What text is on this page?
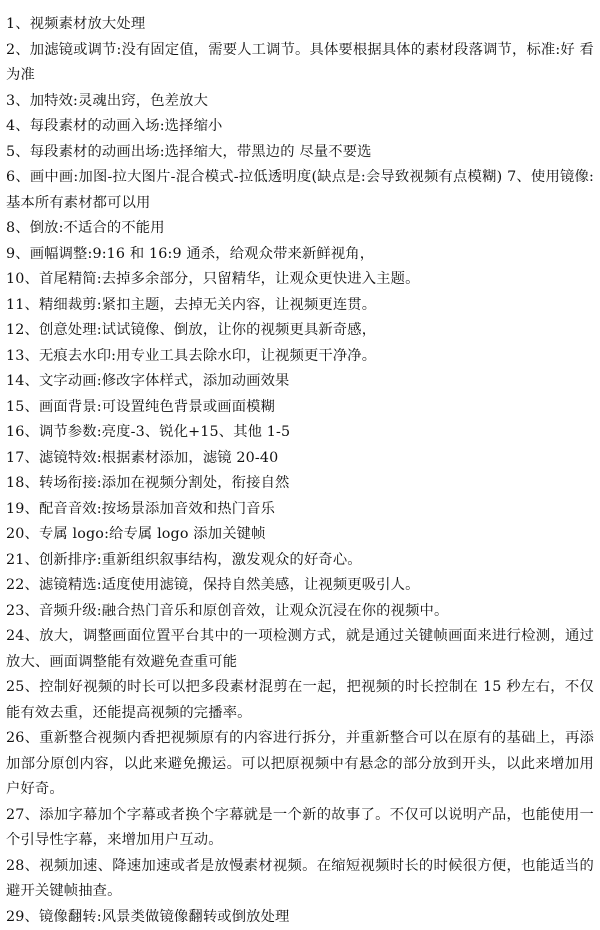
1、视频素材放大处理

2、加滤镜或调节:没有固定值，需要人工调节。具体要根据具体的素材段落调节，标准:好 看为准

3、加特效:灵魂出窍，色差放大

4、每段素材的动画入场:选择缩小

5、每段素材的动画出场:选择缩大，带黑边的 尽量不要选

6、画中画:加图-拉大图片-混合模式-拉低透明度(缺点是:会导致视频有点模糊) 7、使用镜像:基本所有素材都可以用

8、倒放:不适合的不能用

9、画幅调整:9:16 和 16:9 通杀，给观众带来新鲜视角，

10、首尾精简:去掉多余部分，只留精华，让观众更快进入主题。

11、精细裁剪:紧扣主题，去掉无关内容，让视频更连贯。

12、创意处理:试试镜像、倒放，让你的视频更具新奇感，

13、无痕去水印:用专业工具去除水印，让视频更干净净。

14、文字动画:修改字体样式，添加动画效果

15、画面背景:可设置纯色背景或画面模糊

16、调节参数:亮度-3、锐化+15、其他 1-5

17、滤镜特效:根据素材添加，滤镜 20-40

18、转场衔接:添加在视频分割处，衔接自然

19、配音音效:按场景添加音效和热门音乐

20、专属 logo:给专属 logo 添加关键帧

21、创新排序:重新组织叙事结构，激发观众的好奇心。

22、滤镜精选:适度使用滤镜，保持自然美感，让视频更吸引人。

23、音频升级:融合热门音乐和原创音效，让观众沉浸在你的视频中。

24、放大，调整画面位置平台其中的一项检测方式，就是通过关键帧画面来进行检测，通过放大、画面调整能有效避免查重可能

25、控制好视频的时长可以把多段素材混剪在一起，把视频的时长控制在 15 秒左右，不仅能有效去重，还能提高视频的完播率。

26、重新整合视频内香把视频原有的内容进行拆分，并重新整合可以在原有的基础上，再添加部分原创内容，以此来避免搬运。可以把原视频中有悬念的部分放到开头，以此来增加用户好奇。

27、添加字幕加个字幕或者换个字幕就是一个新的故事了。不仅可以说明产品，也能使用一个引导性字幕，来增加用户互动。

28、视频加速、降速加速或者是放慢素材视频。在缩短视频时长的时候很方便，也能适当的避开关键帧抽查。

29、镜像翻转:风景类做镜像翻转或倒放处理
